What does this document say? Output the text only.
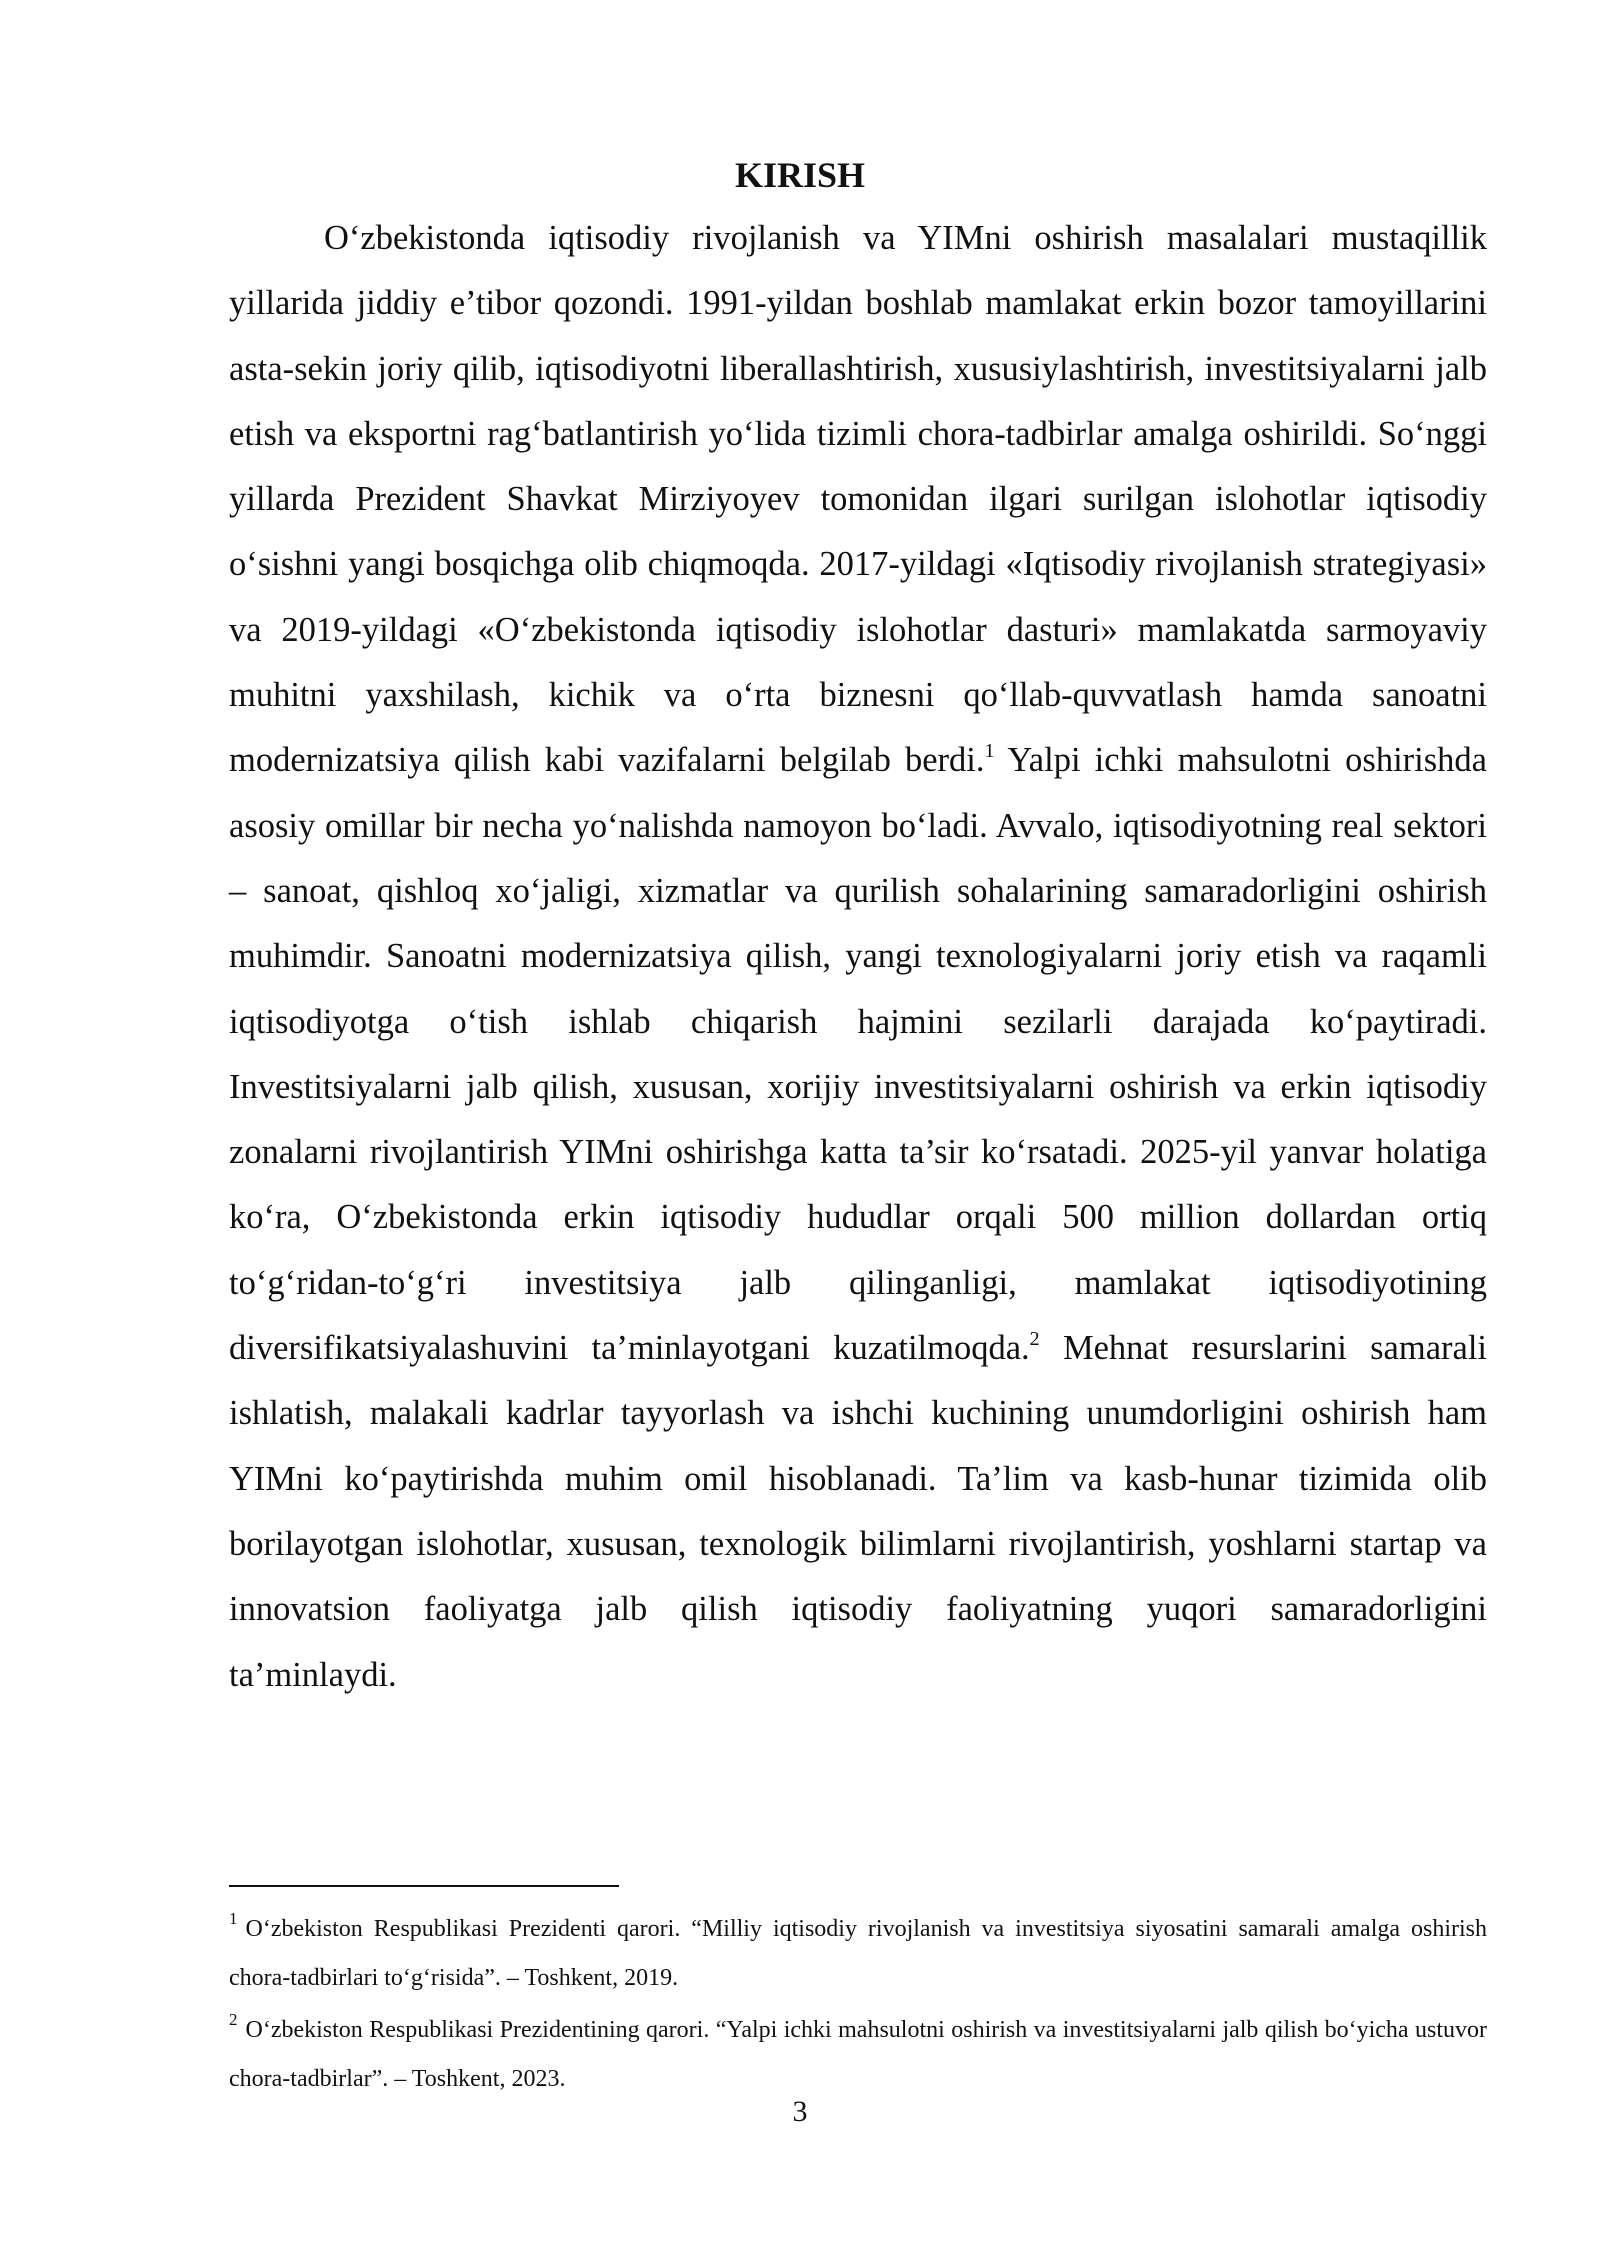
KIRISH

O‘zbekistonda iqtisodiy rivojlanish va YIMni oshirish masalalari mustaqillik yillarida jiddiy e’tibor qozondi. 1991-yildan boshlab mamlakat erkin bozor tamoyillarini asta-sekin joriy qilib, iqtisodiyotni liberallashtirish, xususiylashtirish, investitsiyalarni jalb etish va eksportni rag‘batlantirish yo‘lida tizimli chora-tadbirlar amalga oshirildi. So‘nggi yillarda Prezident Shavkat Mirziyoyev tomonidan ilgari surilgan islohotlar iqtisodiy o‘sishni yangi bosqichga olib chiqmoqda. 2017-yildagi «Iqtisodiy rivojlanish strategiyasi» va 2019-yildagi «O‘zbekistonda iqtisodiy islohotlar dasturi» mamlakatda sarmoyaviy muhitni yaxshilash, kichik va o‘rta biznesni qo‘llab-quvvatlash hamda sanoatni modernizatsiya qilish kabi vazifalarni belgilab berdi.$^1$ Yalpi ichki mahsulotni oshirishda asosiy omillar bir necha yo‘nalishda namoyon bo‘ladi. Avvalo, iqtisodiyotning real sektori – sanoat, qishloq xo‘jaligi, xizmatlar va qurilish sohalarining samaradorligini oshirish muhimdir. Sanoatni modernizatsiya qilish, yangi texnologiyalarni joriy etish va raqamli iqtisodiyotga o‘tish ishlab chiqarish hajmini sezilarli darajada ko‘paytiradi. Investitsiyalarni jalb qilish, xususan, xorijiy investitsiyalarni oshirish va erkin iqtisodiy zonalarni rivojlantirish YIMni oshirishga katta ta’sir ko‘rsatadi. 2025-yil yanvar holatiga ko‘ra, O‘zbekistonda erkin iqtisodiy hududlar orqali 500 million dollardan ortiq to‘g‘ridan-to‘g‘ri investitsiya jalb qilinganligi, mamlakat iqtisodiyotining diversifikatsiyalashuvini ta’minlayotgani kuzatilmoqda.$^2$ Mehnat resurslarini samarali ishlatish, malakali kadrlar tayyorlash va ishchi kuchining unumdorligini oshirish ham YIMni ko‘paytirishda muhim omil hisoblanadi. Ta’lim va kasb-hunar tizimida olib borilayotgan islohotlar, xususan, texnologik bilimlarni rivojlantirish, yoshlarni startap va innovatsion faoliyatga jalb qilish iqtisodiy faoliyatning yuqori samaradorligini ta’minlaydi.

$^1$ O‘zbekiston Respublikasi Prezidenti qarori. “Milliy iqtisodiy rivojlanish va investitsiya siyosatini samarali amalga oshirish chora-tadbirlari to‘g‘risida”. – Toshkent, 2019.

$^2$ O‘zbekiston Respublikasi Prezidentining qarori. “Yalpi ichki mahsulotni oshirish va investitsiyalarni jalb qilish bo‘yicha ustuvor chora-tadbirlar”. – Toshkent, 2023.

3
